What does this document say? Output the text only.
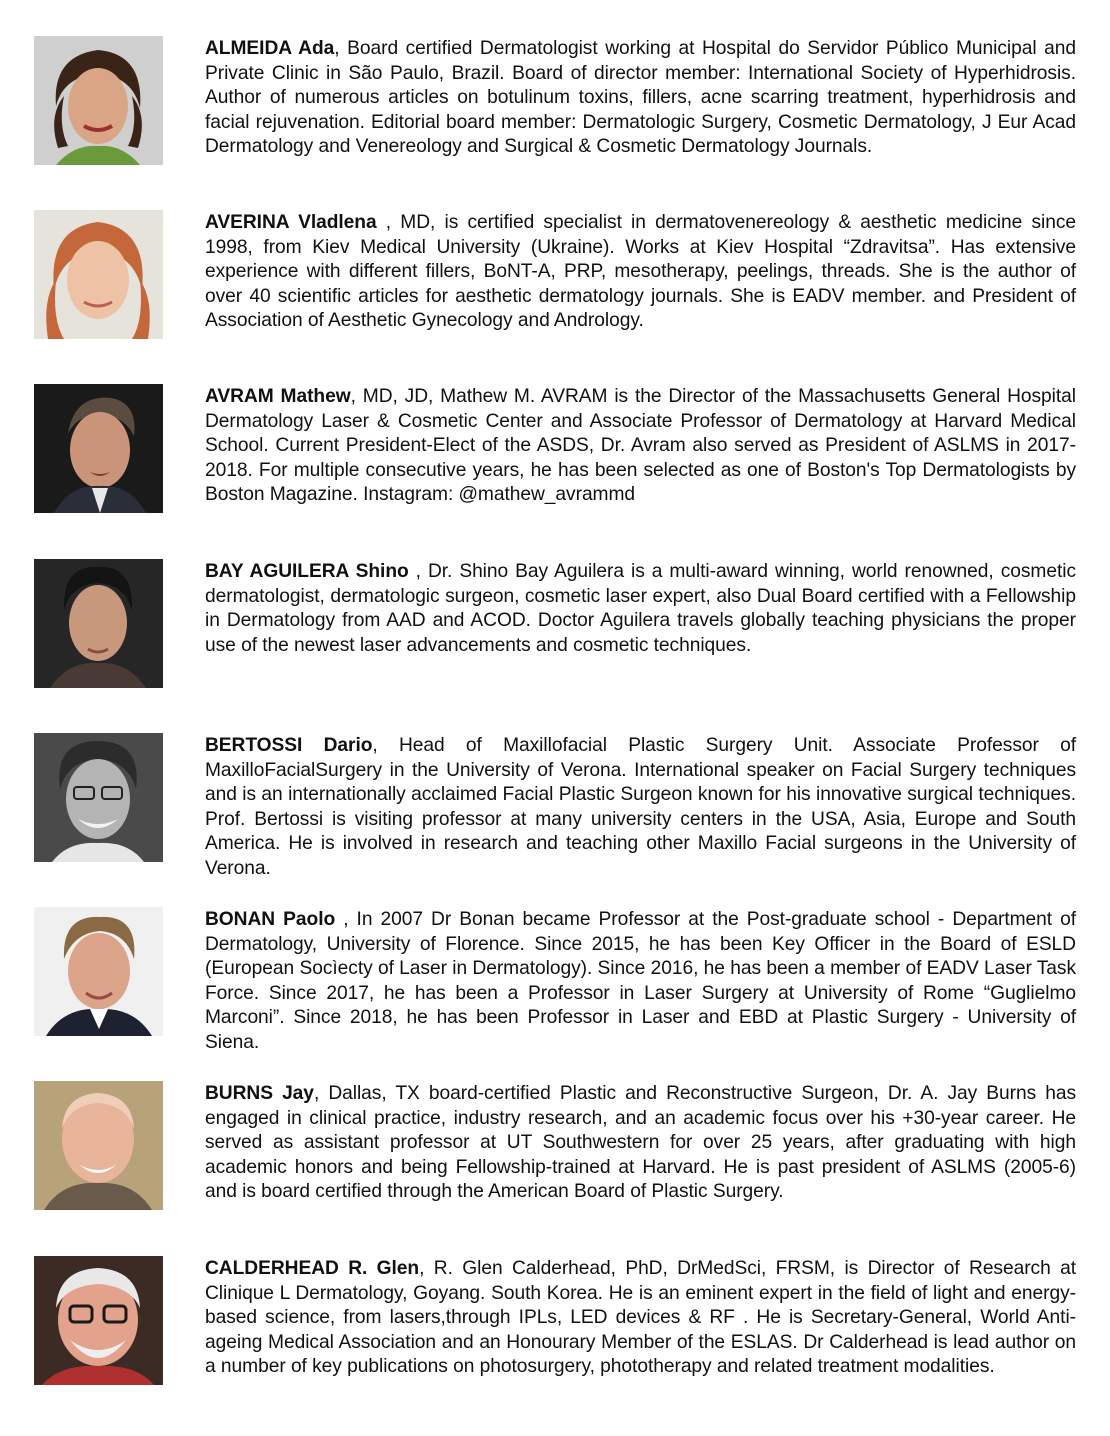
ALMEIDA Ada, Board certified Dermatologist working at Hospital do Servidor Público Municipal and Private Clinic in São Paulo, Brazil. Board of director member: International Society of Hyperhidrosis. Author of numerous articles on botulinum toxins, fillers, acne scarring treatment, hyperhidrosis and facial rejuvenation. Editorial board member: Dermatologic Surgery, Cosmetic Dermatology, J Eur Acad Dermatology and Venereology and Surgical & Cosmetic Dermatology Journals.
AVERINA Vladlena , MD, is certified specialist in dermatovenereology & aesthetic medicine since 1998, from Kiev Medical University (Ukraine). Works at Kiev Hospital “Zdravitsa”. Has extensive experience with different fillers, BoNT-A, PRP, mesotherapy, peelings, threads. She is the author of over 40 scientific articles for aesthetic dermatology journals. She is EADV member. and President of Association of Aesthetic Gynecology and Andrology.
AVRAM Mathew, MD, JD, Mathew M. AVRAM is the Director of the Massachusetts General Hospital Dermatology Laser & Cosmetic Center and Associate Professor of Dermatology at Harvard Medical School. Current President-Elect of the ASDS, Dr. Avram also served as President of ASLMS in 2017-2018. For multiple consecutive years, he has been selected as one of Boston's Top Dermatologists by Boston Magazine. Instagram: @mathew_avrammd
BAY AGUILERA Shino , Dr. Shino Bay Aguilera is a multi-award winning, world renowned, cosmetic dermatologist, dermatologic surgeon, cosmetic laser expert, also Dual Board certified with a Fellowship in Dermatology from AAD and ACOD. Doctor Aguilera travels globally teaching physicians the proper use of the newest laser advancements and cosmetic techniques.
BERTOSSI Dario, Head of Maxillofacial Plastic Surgery Unit. Associate Professor of MaxilloFacialSurgery in the University of Verona. International speaker on Facial Surgery techniques and is an internationally acclaimed Facial Plastic Surgeon known for his innovative surgical techniques. Prof. Bertossi is visiting professor at many university centers in the USA, Asia, Europe and South America. He is involved in research and teaching other Maxillo Facial surgeons in the University of Verona.
BONAN Paolo , In 2007 Dr Bonan became Professor at the Post-graduate school - Department of Dermatology, University of Florence. Since 2015, he has been Key Officer in the Board of ESLD (European Socìecty of Laser in Dermatology). Since 2016, he has been a member of EADV Laser Task Force. Since 2017, he has been a Professor in Laser Surgery at University of Rome “Guglielmo Marconi”. Since 2018, he has been Professor in Laser and EBD at Plastic Surgery - University of Siena.
BURNS Jay, Dallas, TX board-certified Plastic and Reconstructive Surgeon, Dr. A. Jay Burns has engaged in clinical practice, industry research, and an academic focus over his +30-year career. He served as assistant professor at UT Southwestern for over 25 years, after graduating with high academic honors and being Fellowship-trained at Harvard. He is past president of ASLMS (2005-6) and is board certified through the American Board of Plastic Surgery.
CALDERHEAD R. Glen, R. Glen Calderhead, PhD, DrMedSci, FRSM, is Director of Research at Clinique L Dermatology, Goyang. South Korea. He is an eminent expert in the field of light and energy-based science, from lasers,through IPLs, LED devices & RF . He is Secretary-General, World Anti-ageing Medical Association and an Honourary Member of the ESLAS. Dr Calderhead is lead author on a number of key publications on photosurgery, phototherapy and related treatment modalities.
